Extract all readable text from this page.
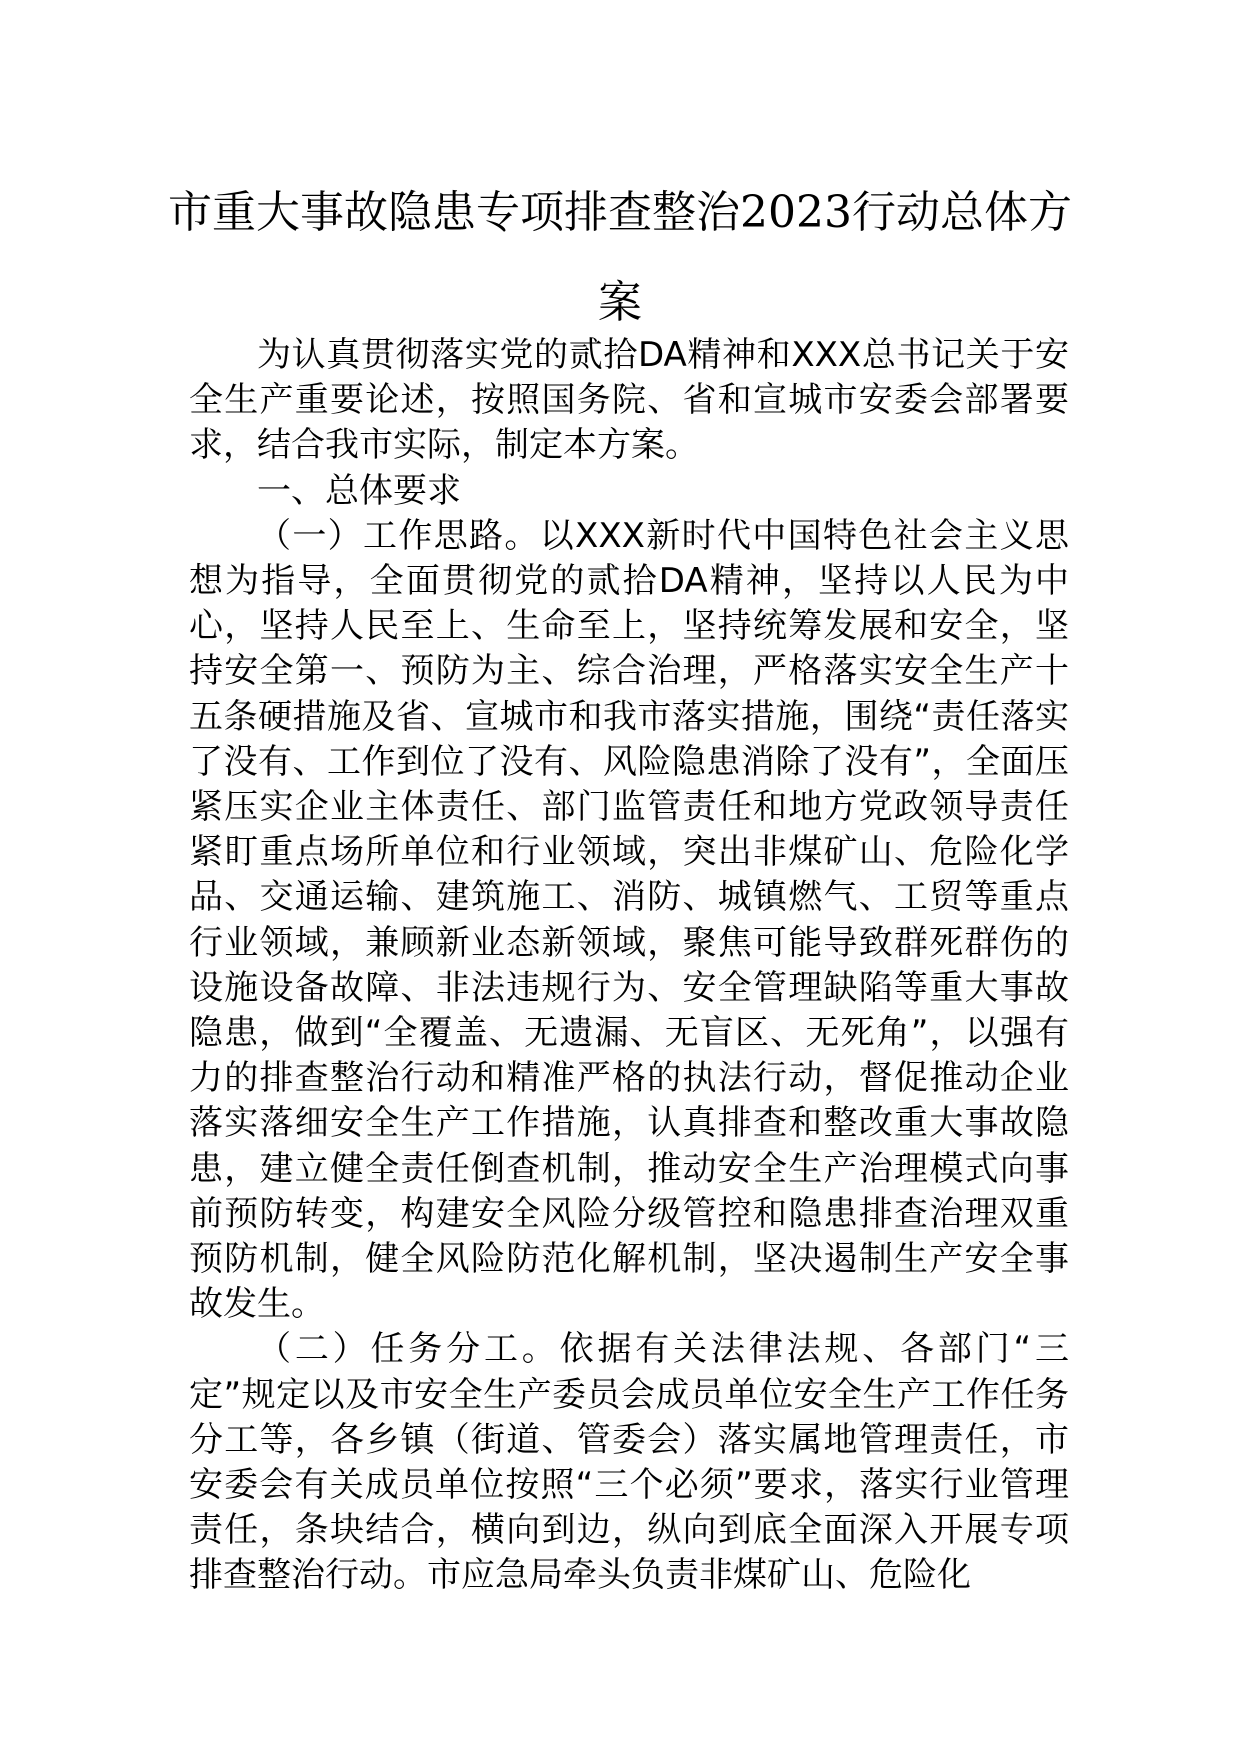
市重大事故隐患专项排查整治2023行动总体方案

为认真贯彻落实党的贰拾DA精神和XXX总书记关于安全生产重要论述，按照国务院、省和宣城市安委会部署要求，结合我市实际，制定本方案。

一、总体要求

（一）工作思路。以XXX新时代中国特色社会主义思想为指导，全面贯彻党的贰拾DA精神，坚持以人民为中心，坚持人民至上、生命至上，坚持统筹发展和安全，坚持安全第一、预防为主、综合治理，严格落实安全生产十五条硬措施及省、宣城市和我市落实措施，围绕“责任落实了没有、工作到位了没有、风险隐患消除了没有”，全面压紧压实企业主体责任、部门监管责任和地方党政领导责任紧盯重点场所单位和行业领域，突出非煤矿山、危险化学品、交通运输、建筑施工、消防、城镇燃气、工贸等重点行业领域，兼顾新业态新领域，聚焦可能导致群死群伤的设施设备故障、非法违规行为、安全管理缺陷等重大事故隐患，做到“全覆盖、无遗漏、无盲区、无死角”，以强有力的排查整治行动和精准严格的执法行动，督促推动企业落实落细安全生产工作措施，认真排查和整改重大事故隐患，建立健全责任倒查机制，推动安全生产治理模式向事前预防转变，构建安全风险分级管控和隐患排查治理双重预防机制，健全风险防范化解机制，坚决遏制生产安全事故发生。

（二）任务分工。依据有关法律法规、各部门“三定”规定以及市安全生产委员会成员单位安全生产工作任务分工等，各乡镇（街道、管委会）落实属地管理责任，市安委会有关成员单位按照“三个必须”要求，落实行业管理责任，条块结合，横向到边，纵向到底全面深入开展专项排查整治行动。市应急局牵头负责非煤矿山、危险化
